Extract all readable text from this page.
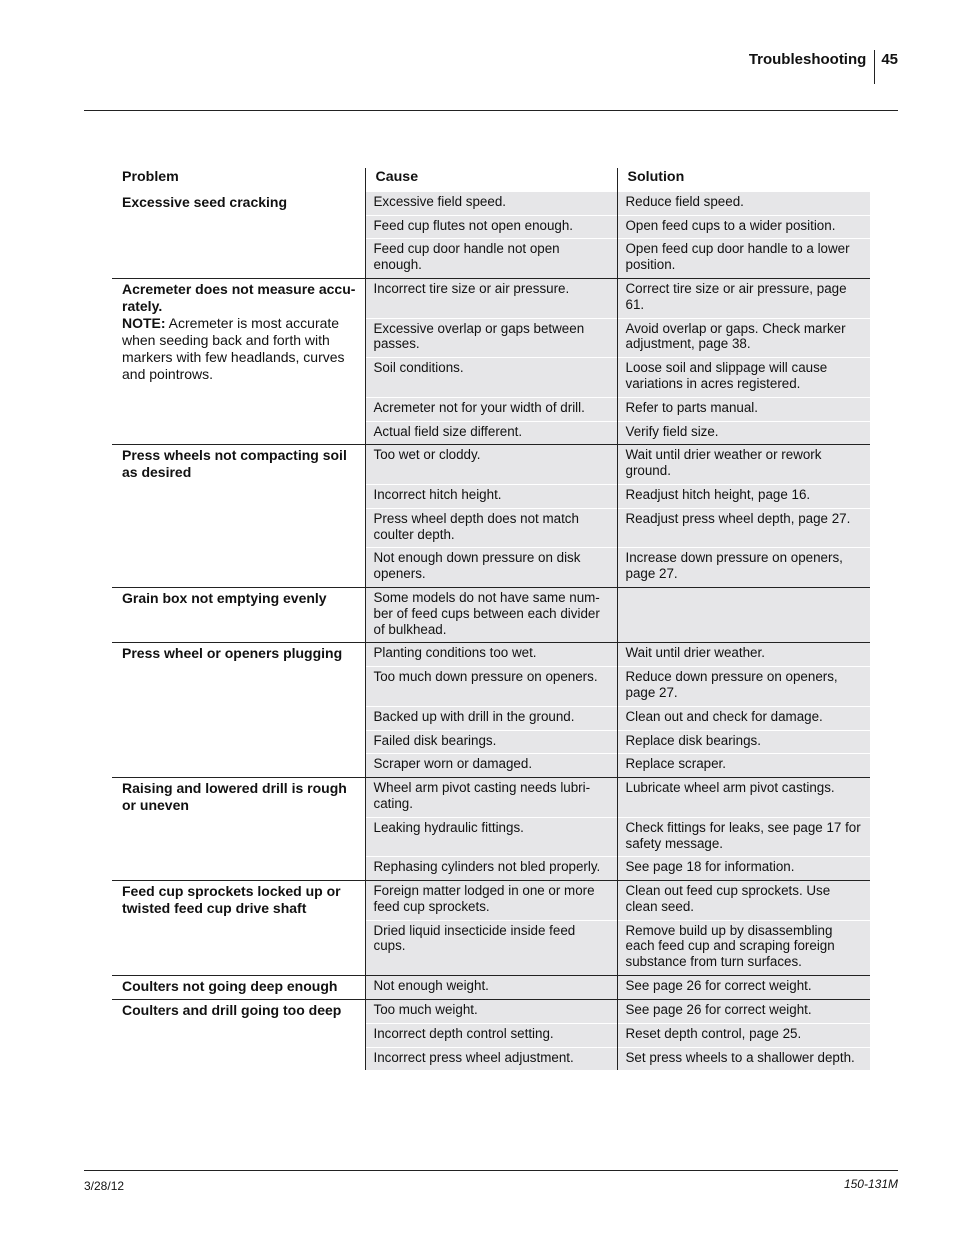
Troubleshooting	45
Problem	Cause	Solution
Excessive seed cracking	Excessive field speed.	Reduce field speed.
	Feed cup flutes not open enough.	Open feed cups to a wider position.
	Feed cup door handle not open enough.	Open feed cup door handle to a lower position.
Acremeter does not measure accu-rately.
NOTE: Acremeter is most accurate when seeding back and forth with markers with few headlands, curves and pointrows.	Incorrect tire size or air pressure.	Correct tire size or air pressure, page 61.
	Excessive overlap or gaps between passes.	Avoid overlap or gaps. Check marker adjustment, page 38.
	Soil conditions.	Loose soil and slippage will cause variations in acres registered.
	Acremeter not for your width of drill.	Refer to parts manual.
	Actual field size different.	Verify field size.
Press wheels not compacting soil as desired	Too wet or cloddy.	Wait until drier weather or rework ground.
	Incorrect hitch height.	Readjust hitch height, page 16.
	Press wheel depth does not match coulter depth.	Readjust press wheel depth, page 27.
	Not enough down pressure on disk openers.	Increase down pressure on openers, page 27.
Grain box not emptying evenly	Some models do not have same num-ber of feed cups between each divider of bulkhead.	
Press wheel or openers plugging	Planting conditions too wet.	Wait until drier weather.
	Too much down pressure on openers.	Reduce down pressure on openers, page 27.
	Backed up with drill in the ground.	Clean out and check for damage.
	Failed disk bearings.	Replace disk bearings.
	Scraper worn or damaged.	Replace scraper.
Raising and lowered drill is rough or uneven	Wheel arm pivot casting needs lubri-cating.	Lubricate wheel arm pivot castings.
	Leaking hydraulic fittings.	Check fittings for leaks, see page 17 for safety message.
	Rephasing cylinders not bled properly.	See page 18 for information.
Feed cup sprockets locked up or twisted feed cup drive shaft	Foreign matter lodged in one or more feed cup sprockets.	Clean out feed cup sprockets. Use clean seed.
	Dried liquid insecticide inside feed cups.	Remove build up by disassembling each feed cup and scraping foreign substance from turn surfaces.
Coulters not going deep enough	Not enough weight.	See page 26 for correct weight.
Coulters and drill going too deep	Too much weight.	See page 26 for correct weight.
	Incorrect depth control setting.	Reset depth control, page 25.
	Incorrect press wheel adjustment.	Set press wheels to a shallower depth.
3/28/12	150-131M
